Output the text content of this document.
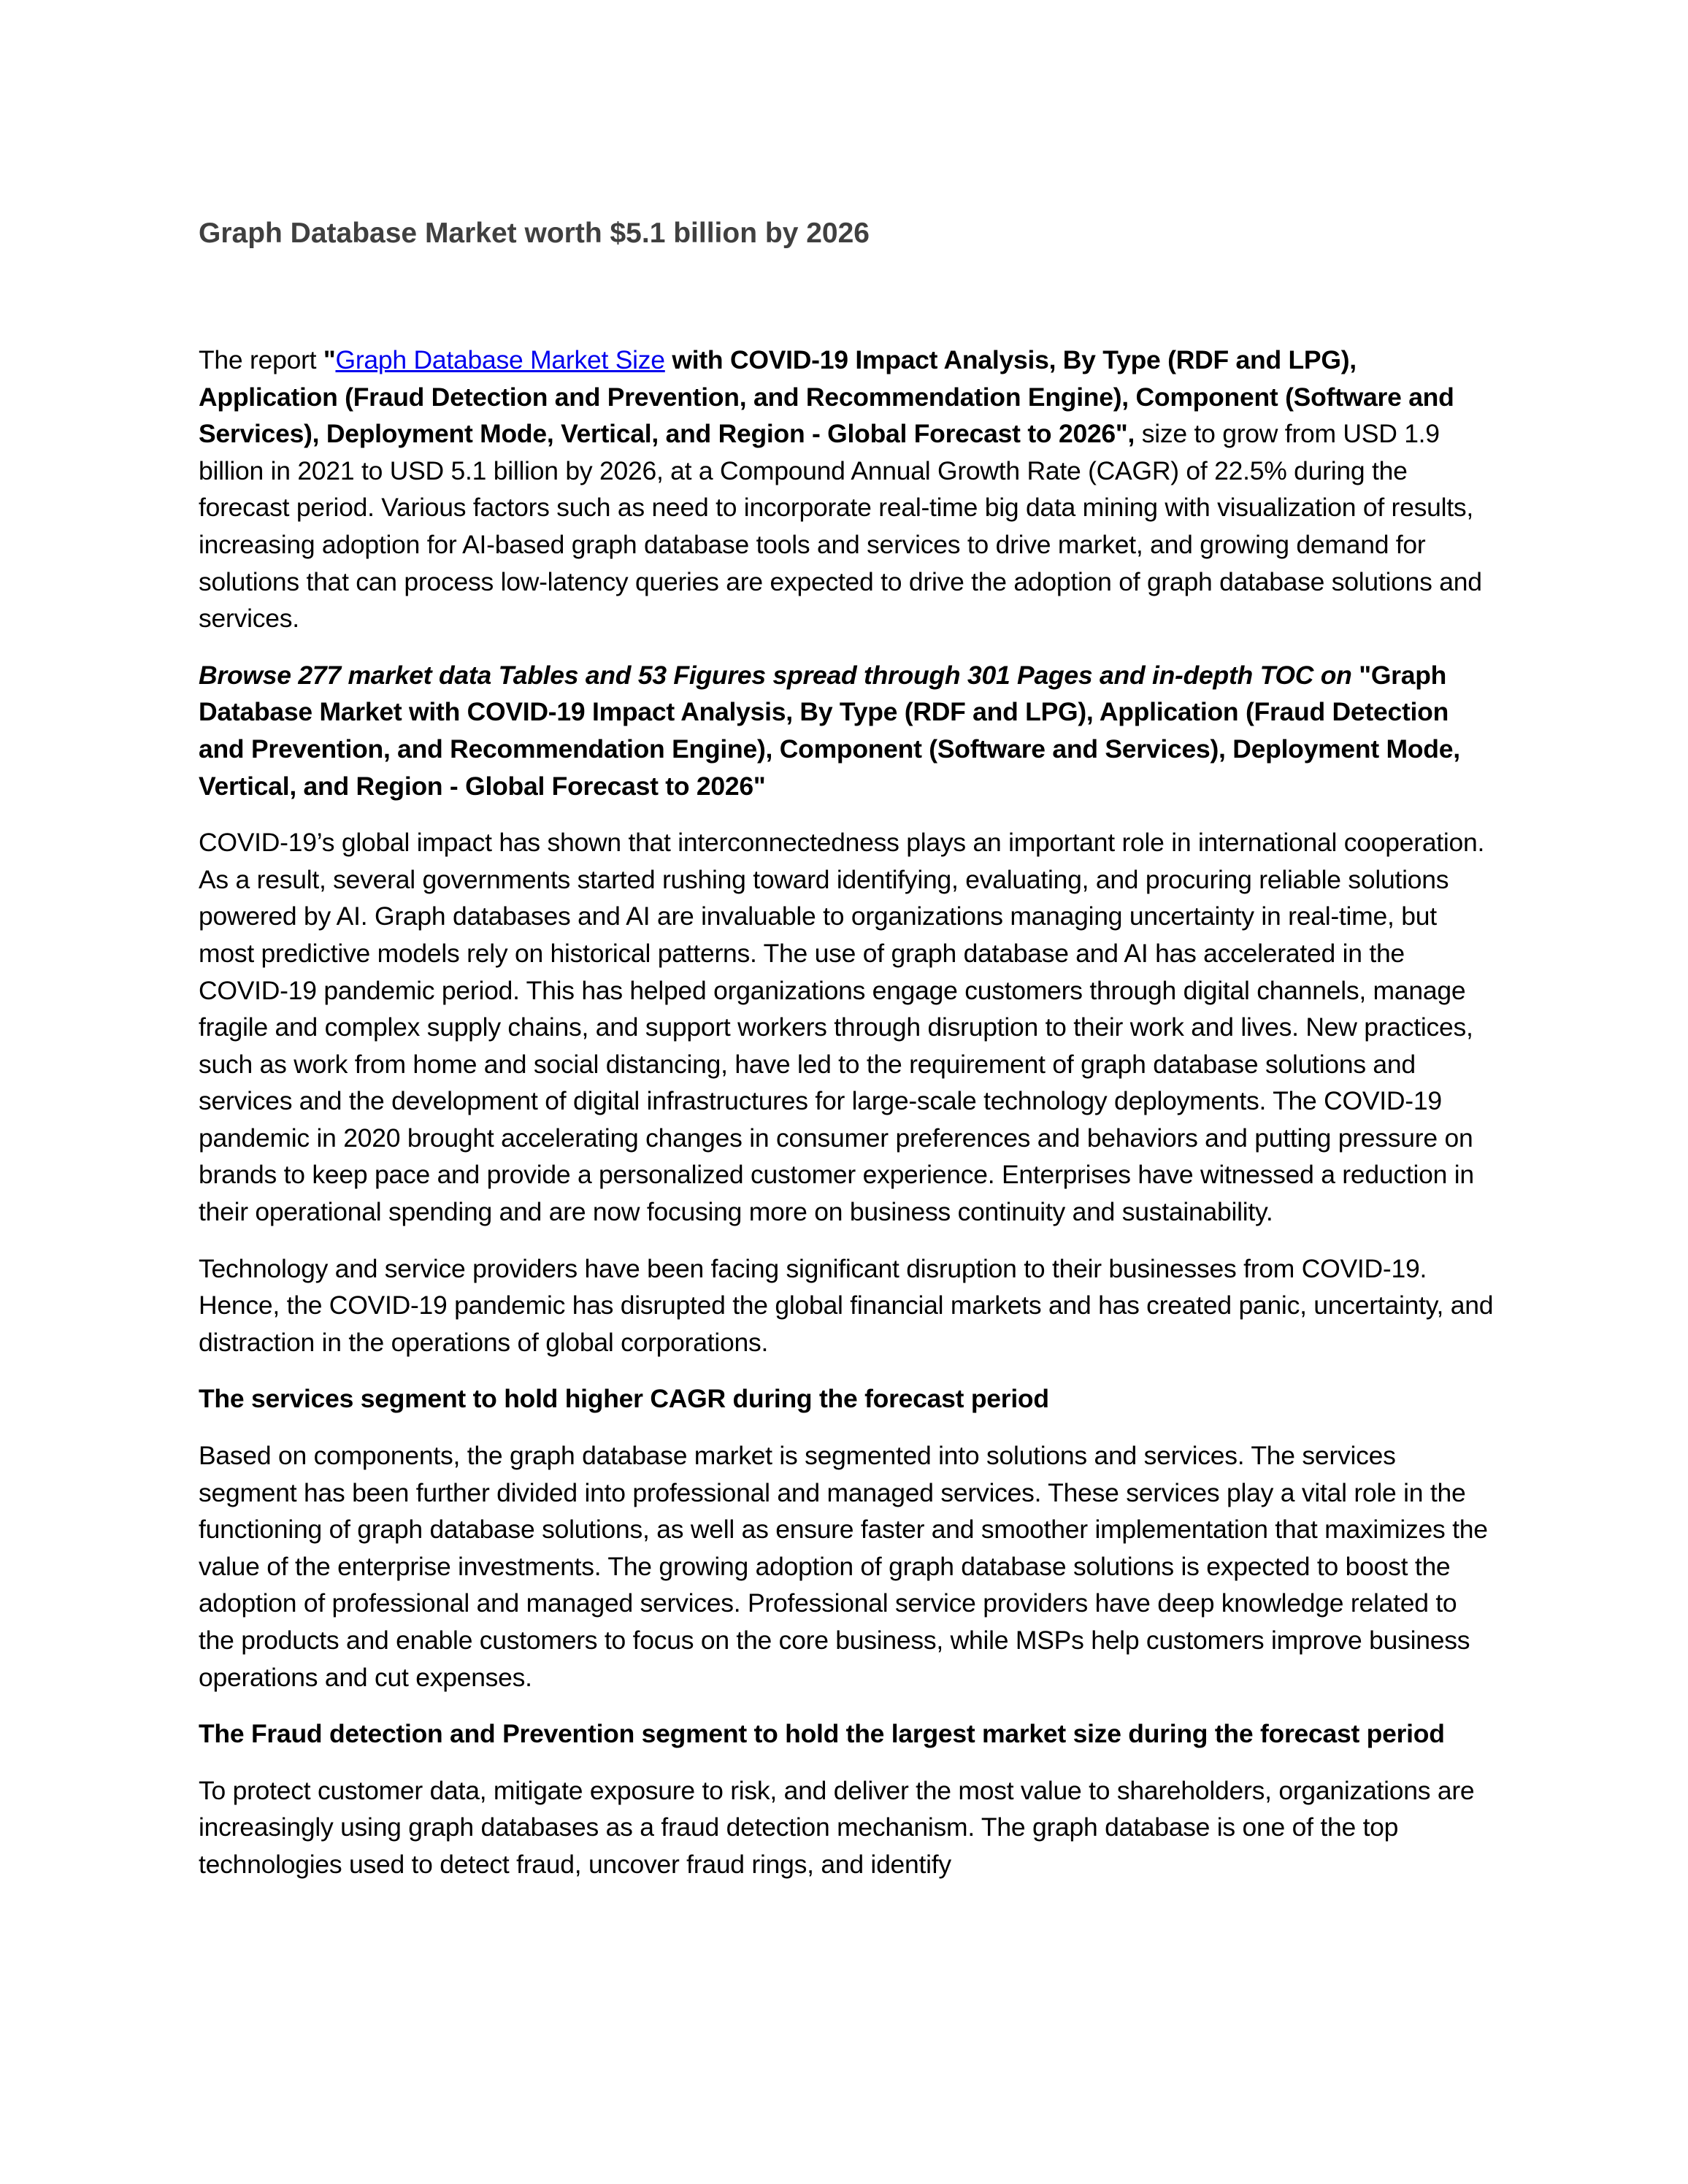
Graph Database Market worth $5.1 billion by 2026

The report "Graph Database Market Size with COVID-19 Impact Analysis, By Type (RDF and LPG), Application (Fraud Detection and Prevention, and Recommendation Engine), Component (Software and Services), Deployment Mode, Vertical, and Region - Global Forecast to 2026", size to grow from USD 1.9 billion in 2021 to USD 5.1 billion by 2026, at a Compound Annual Growth Rate (CAGR) of 22.5% during the forecast period. Various factors such as need to incorporate real-time big data mining with visualization of results, increasing adoption for AI-based graph database tools and services to drive market, and growing demand for solutions that can process low-latency queries are expected to drive the adoption of graph database solutions and services.

Browse 277 market data Tables and 53 Figures spread through 301 Pages and in-depth TOC on "Graph Database Market with COVID-19 Impact Analysis, By Type (RDF and LPG), Application (Fraud Detection and Prevention, and Recommendation Engine), Component (Software and Services), Deployment Mode, Vertical, and Region - Global Forecast to 2026"

COVID-19’s global impact has shown that interconnectedness plays an important role in international cooperation. As a result, several governments started rushing toward identifying, evaluating, and procuring reliable solutions powered by AI. Graph databases and AI are invaluable to organizations managing uncertainty in real-time, but most predictive models rely on historical patterns. The use of graph database and AI has accelerated in the COVID-19 pandemic period. This has helped organizations engage customers through digital channels, manage fragile and complex supply chains, and support workers through disruption to their work and lives. New practices, such as work from home and social distancing, have led to the requirement of graph database solutions and services and the development of digital infrastructures for large-scale technology deployments. The COVID-19 pandemic in 2020 brought accelerating changes in consumer preferences and behaviors and putting pressure on brands to keep pace and provide a personalized customer experience. Enterprises have witnessed a reduction in their operational spending and are now focusing more on business continuity and sustainability.

Technology and service providers have been facing significant disruption to their businesses from COVID-19. Hence, the COVID-19 pandemic has disrupted the global financial markets and has created panic, uncertainty, and distraction in the operations of global corporations.

The services segment to hold higher CAGR during the forecast period

Based on components, the graph database market is segmented into solutions and services. The services segment has been further divided into professional and managed services. These services play a vital role in the functioning of graph database solutions, as well as ensure faster and smoother implementation that maximizes the value of the enterprise investments. The growing adoption of graph database solutions is expected to boost the adoption of professional and managed services. Professional service providers have deep knowledge related to the products and enable customers to focus on the core business, while MSPs help customers improve business operations and cut expenses.

The Fraud detection and Prevention segment to hold the largest market size during the forecast period

To protect customer data, mitigate exposure to risk, and deliver the most value to shareholders, organizations are increasingly using graph databases as a fraud detection mechanism. The graph database is one of the top technologies used to detect fraud, uncover fraud rings, and identify
